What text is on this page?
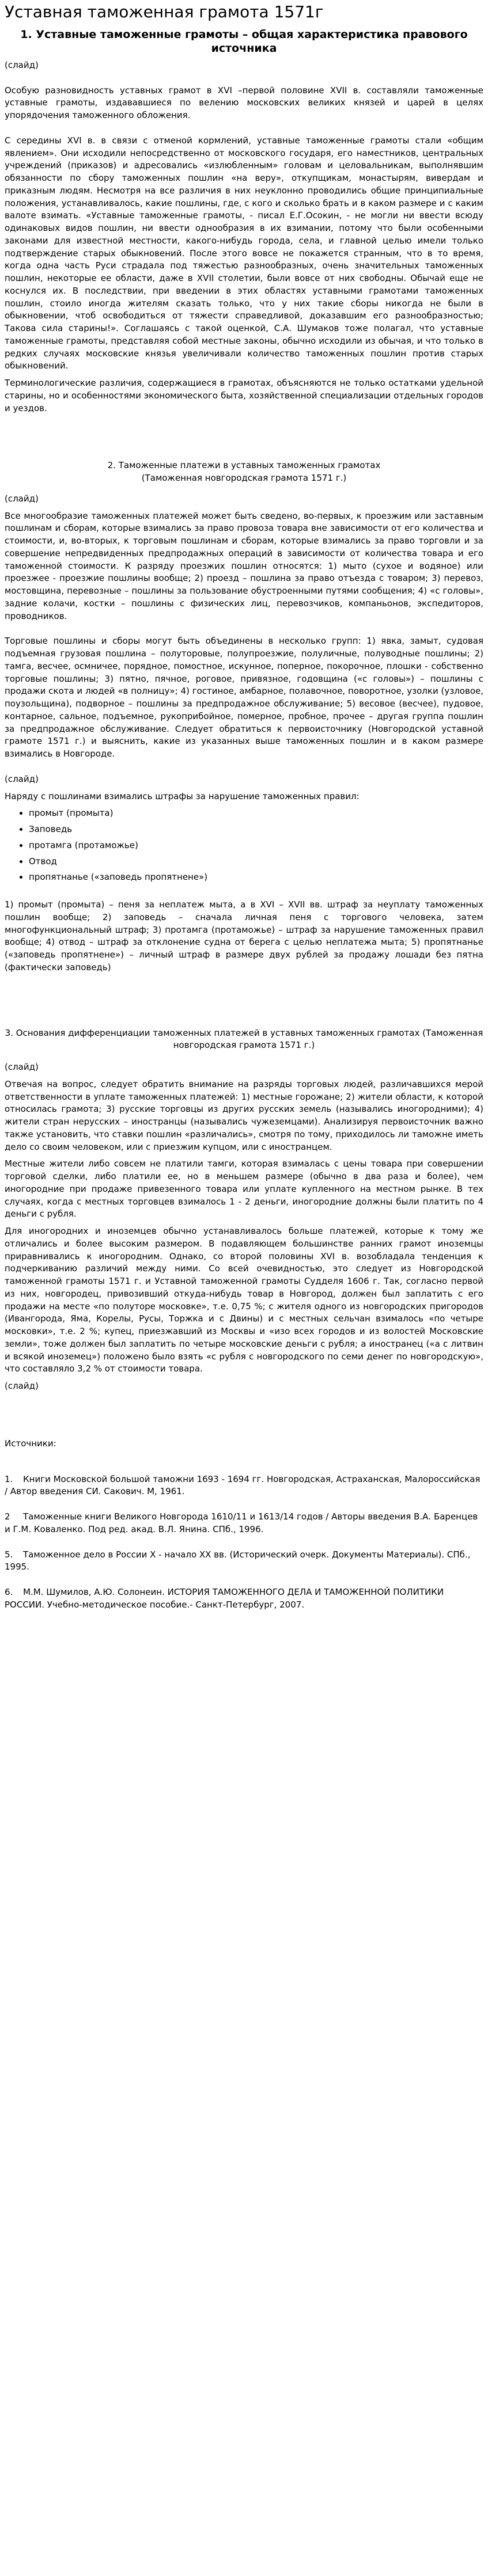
Уставная таможенная грамота 1571г
1. Уставные таможенные грамоты – общая характеристика правового источника
(слайд)

Особую разновидность уставных грамот в XVI –первой половине XVII в. составляли таможенные уставные грамоты, издававшиеся по велению московских великих князей и царей в целях упорядочения таможенного обложения.

С середины XVI в. в связи с отменой кормлений, уставные таможенные грамоты стали «общим явлением». Они исходили непосредственно от московского государя, его наместников, центральных учреждений (приказов) и адресовались «излюбленным» головам и целовальникам, выполнявшим обязанности по сбору таможенных пошлин «на веру», откупщикам, монастырям, вивердам и приказным людям. Несмотря на все различия в них неуклонно проводились общие принципиальные положения, устанавливалось, какие пошлины, где, с кого и сколько брать и в каком размере и с каким валоте взимать. «Уставные таможенные грамоты, - писал Е.Г.Осокин, - не могли ни ввести всюду одинаковых видов пошлин, ни ввести однообразия в их взимании, потому что были особенными законами для известной местности, какого-нибудь города, села, и главной целью имели только подтверждение старых обыкновений. После этого вовсе не покажется странным, что в то время, когда одна часть Руси страдала под тяжестью разнообразных, очень значительных таможенных пошлин, некоторые ее области, даже в XVII столетии, были вовсе от них свободны. Обычай еще не коснулся их. В последствии, при введении в этих областях уставными грамотами таможенных пошлин, стоило иногда жителям сказать только, что у них такие сборы никогда не были в обыкновении, чтоб освободиться от тяжести справедливой, доказавшим его разнообразностью; Такова сила старины!». Соглашаясь с такой оценкой, С.А. Шумаков тоже полагал, что уставные таможенные грамоты, представляя собой местные законы, обычно исходили из обычая, и что только в редких случаях московские князья увеличивали количество таможенных пошлин против старых обыкновений.

Терминологические различия, содержащиеся в грамотах, объясняются не только остатками удельной старины, но и особенностями экономического быта, хозяйственной специализации отдельных городов и уездов.

2. Таможенные платежи в уставных таможенных грамотах
(Таможенная новгородская грамота 1571 г.)
(слайд)

Все многообразие таможенных платежей может быть сведено, во-первых, к проезжим или заставным пошлинам и сборам, которые взимались за право провоза товара вне зависимости от его количества и стоимости, и, во-вторых, к торговым пошлинам и сборам, которые взимались за право торговли и за совершение непредвиденных предпродажных операций в зависимости от количества товара и его таможенной стоимости. К разряду проезжих пошлин относятся: 1) мыто (сухое и водяное) или проезжее - проезжие пошлины вообще; 2) проезд – пошлина за право отъезда с товаром; 3) перевоз, мостовщина, перевозные – пошлины за пользование обустроенными путями сообщения; 4) «с головы», задние колачи, костки – пошлины с физических лиц, перевозчиков, компаньонов, экспедиторов, проводников.

Торговые пошлины и сборы могут быть объединены в несколько групп: 1) явка, замыт, судовая подъемная грузовая пошлина – полуторовые, полупроезжие, полуличные, полуводные пошлины; 2) тамга, весчее, осмничее, порядное, помостное, искунное, поперное, покорочное, плошки - собственно торговые пошлины; 3) пятно, пячное, роговое, привязное, годовщина («с головы») – пошлины с продажи скота и людей «в полницу»; 4) гостиное, амбарное, полавочное, поворотное, узолки (узловое, поузольщина), подворное – пошлины за предпродажное обслуживание; 5) весовое (весчее), пудовое, контарное, сальное, подъемное, рукоприбойное, померное, пробное, прочее – другая группа пошлин за предпродажное обслуживание. Следует обратиться к первоисточнику (Новгородской уставной грамоте 1571 г.) и выяснить, какие из указанных выше таможенных пошлин и в каком размере взимались в Новгороде.

(слайд)

Наряду с пошлинами взимались штрафы за нарушение таможенных правил:

• промыт (промыта)
• Заповедь
• протамга (протаможье)
• Отвод
• пропятнанье («заповедь пропятнене»)

1) промыт (промыта) – пеня за неплатеж мыта, а в XVI – XVII вв. штраф за неуплату таможенных пошлин вообще; 2) заповедь – сначала личная пеня с торгового человека, затем многофункциональный штраф; 3) протамга (протаможье) – штраф за нарушение таможенных правил вообще; 4) отвод – штраф за отклонение судна от берега с целью неплатежа мыта; 5) пропятнанье («заповедь пропятнене») – личный штраф в размере двух рублей за продажу лошади без пятна (фактически заповедь)

3. Основания дифференциации таможенных платежей в уставных таможенных грамотах (Таможенная новгородская грамота 1571 г.)
(слайд)

Отвечая на вопрос, следует обратить внимание на разряды торговых людей, различавшихся мерой ответственности в уплате таможенных платежей: 1) местные горожане; 2) жители области, к которой относилась грамота; 3) русские торговцы из других русских земель (назывались иногородними); 4) жители стран нерусских – иностранцы (назывались чужеземцами). Анализируя первоисточник важно также установить, что ставки пошлин «различались», смотря по тому, приходилось ли таможне иметь дело со своим человеком, или с приезжим купцом, или с иностранцем.

Местные жители либо совсем не платили тамги, которая взималась с цены товара при совершении торговой сделки, либо платили ее, но в меньшем размере (обычно в два раза и более), чем иногородние при продаже привезенного товара или уплате купленного на местном рынке. В тех случаях, когда с местных торговцев взималось 1 - 2 деньги, иногородние должны были платить по 4 деньги с рубля.

Для иногородних и иноземцев обычно устанавливалось больше платежей, которые к тому же отличались и более высоким размером. В подавляющем большинстве ранних грамот иноземцы приравнивались к иногородним. Однако, со второй половины XVI в. возобладала тенденция к подчеркиванию различий между ними. Со всей очевидностью, это следует из Новгородской таможенной грамоты 1571 г. и Уставной таможенной грамоты Судделя 1606 г. Так, согласно первой из них, новгородец, привозивший откуда-нибудь товар в Новгород, должен был заплатить с его продажи на месте «по полуторе московке», т.е. 0,75 %; с жителя одного из новгородских пригородов (Ивангорода, Ямa, Корелы, Русы, Торжка и с Двины) и с местных сельчан взималось «по четыре московки», т.е. 2 %; купец, приезжавший из Москвы и «изо всех городов и из волостей Московские земли», тоже должен был заплатить по четыре московские деньги с рубля; а иностранец («а с литвин и всякой иноземец») положено было взять «с рубля с новгородского по семи денег по новгородскую», что составляло 3,2 % от стоимости товара.

(слайд)
Источники:
1. Книги Московской большой таможни 1693 - 1694 гг. Новгородская, Астраханская, Малороссийская / Автор введения СИ. Сакович. М, 1961.
2 Таможенные книги Великого Новгорода 1610/11 и 1613/14 годов / Авторы введения В.А. Баренцев и Г.М. Коваленко. Под ред. акад. В.Л. Янина. СПб., 1996.
5. Таможенное дело в России X - начало XX вв. (Исторический очерк. Документы Материалы). СПб., 1995.
6. М.М. Шумилов, А.Ю. Солонеин. ИСТОРИЯ ТАМОЖЕННОГО ДЕЛА И ТАМОЖЕННОЙ ПОЛИТИКИ РОССИИ. Учебно-методическое пособие.- Санкт-Петербург, 2007.
